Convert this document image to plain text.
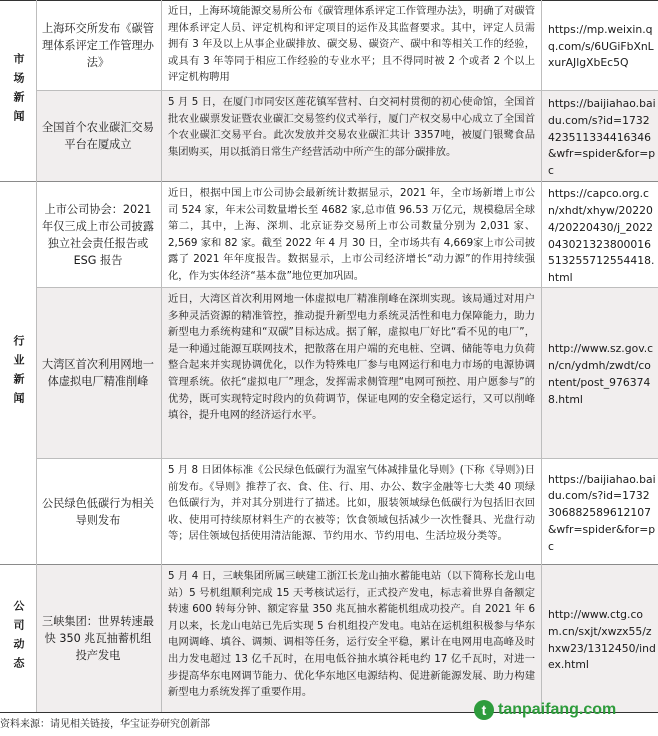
市场新闻
行业新闻
公司动态
上海环交所发布《碳管理体系评定工作管理办法》
近日，上海环境能源交易所公布《碳管理体系评定工作管理办法》，明确了对碳管理体系评定人员、评定机构和评定项目的运作及其监督要求。其中，评定人员需拥有 3 年及以上从事企业碳排放、碳交易、碳资产、碳中和等相关工作的经验，或具有 3 年等同于相应工作经验的专业水平；且不得同时被 2 个或者 2 个以上评定机构聘用
https://mp.weixin.qq.com/s/6UGiFbXnLxurAJlgXbEc5Q
全国首个农业碳汇交易平台在厦成立
5 月 5 日，在厦门市同安区莲花镇军营村、白交祠村贯彻的初心使命馆，全国首批农业碳票发证暨农业碳汇交易签约仪式举行，厦门产权交易中心成立了全国首个农业碳汇交易平台。此次发放并交易农业碳汇共计 3357吨，被厦门银鹭食品集团购买，用以抵消日常生产经营活动中所产生的部分碳排放。
https://baijiahao.baidu.com/s?id=1732423511334416346&wfr=spider&for=pc
上市公司协会：2021 年仅三成上市公司披露独立社会责任报告或 ESG 报告
近日，根据中国上市公司协会最新统计数据显示，2021 年，全市场新增上市公司 524 家，年末公司数量增长至 4682 家,总市值 96.53 万亿元，规模稳居全球第二，其中，上海、深圳、北京证券交易所上市公司数量分别为 2,031 家、2,569 家和 82 家。截至 2022 年 4 月 30 日，全市场共有 4,669家上市公司披露了 2021 年年度报告。数据显示，上市公司经济增长“动力源”的作用持续强化，作为实体经济“基本盘”地位更加巩固。
https://capco.org.cn/xhdt/xhyw/202204/20220430/j_2022043021323800016513255712554418.html
大湾区首次利用网地一体虚拟电厂精准削峰
近日，大湾区首次利用网地一体虚拟电厂精准削峰在深圳实现。该局通过对用户多种灵活资源的精准管控，推动提升新型电力系统灵活性和电力保障能力，助力新型电力系统构建和“双碳”目标达成。据了解，虚拟电厂好比“看不见的电厂”，是一种通过能源互联网技术，把散落在用户端的充电桩、空调、储能等电力负荷整合起来并实现协调优化，以作为特殊电厂参与电网运行和电力市场的电源协调管理系统。依托“虚拟电厂”理念，发挥需求侧管理“电网可预控、用户愿参与”的优势，既可实现特定时段内的负荷调节，保证电网的安全稳定运行，又可以削峰填谷，提升电网的经济运行水平。
http://www.sz.gov.cn/cn/ydmh/zwdt/content/post_9763748.html
公民绿色低碳行为相关导则发布
5 月 8 日团体标准《公民绿色低碳行为温室气体减排量化导则》(下称《导则》)日前发布。《导则》推荐了衣、食、住、行、用、办公、数字金融等七大类 40 项绿色低碳行为，并对其分别进行了描述。比如，服装领域绿色低碳行为包括旧衣回收、使用可持续原材料生产的衣被等；饮食领域包括减少一次性餐具、光盘行动等；居住领域包括使用清洁能源、节约用水、节约用电、生活垃圾分类等。
https://baijiahao.baidu.com/s?id=1732306882589612107&wfr=spider&for=pc
三峡集团：世界转速最快 350 兆瓦抽蓄机组投产发电
5 月 4 日，三峡集团所属三峡建工浙江长龙山抽水蓄能电站（以下简称长龙山电站）5 号机组顺利完成 15 天考核试运行，正式投产发电，标志着世界自备额定转速 600 转每分钟、额定容量 350 兆瓦抽水蓄能机组成功投产。自 2021 年 6 月以来，长龙山电站已先后实现 5 台机组投产发电。电站在运机组积极参与华东电网调峰、填谷、调频、调相等任务，运行安全平稳，累计在电网用电高峰及时出力发电超过 13 亿千瓦时，在用电低谷抽水填谷耗电约 17 亿千瓦时，对进一步提高华东电网调节能力、优化华东地区电源结构、促进新能源发展、助力构建新型电力系统发挥了重要作用。
http://www.ctg.com.cn/sxjt/xwzx55/zhxw23/1312450/index.html
资料来源：请见相关链接，华宝证券研究创新部
t tanpaifang.com
